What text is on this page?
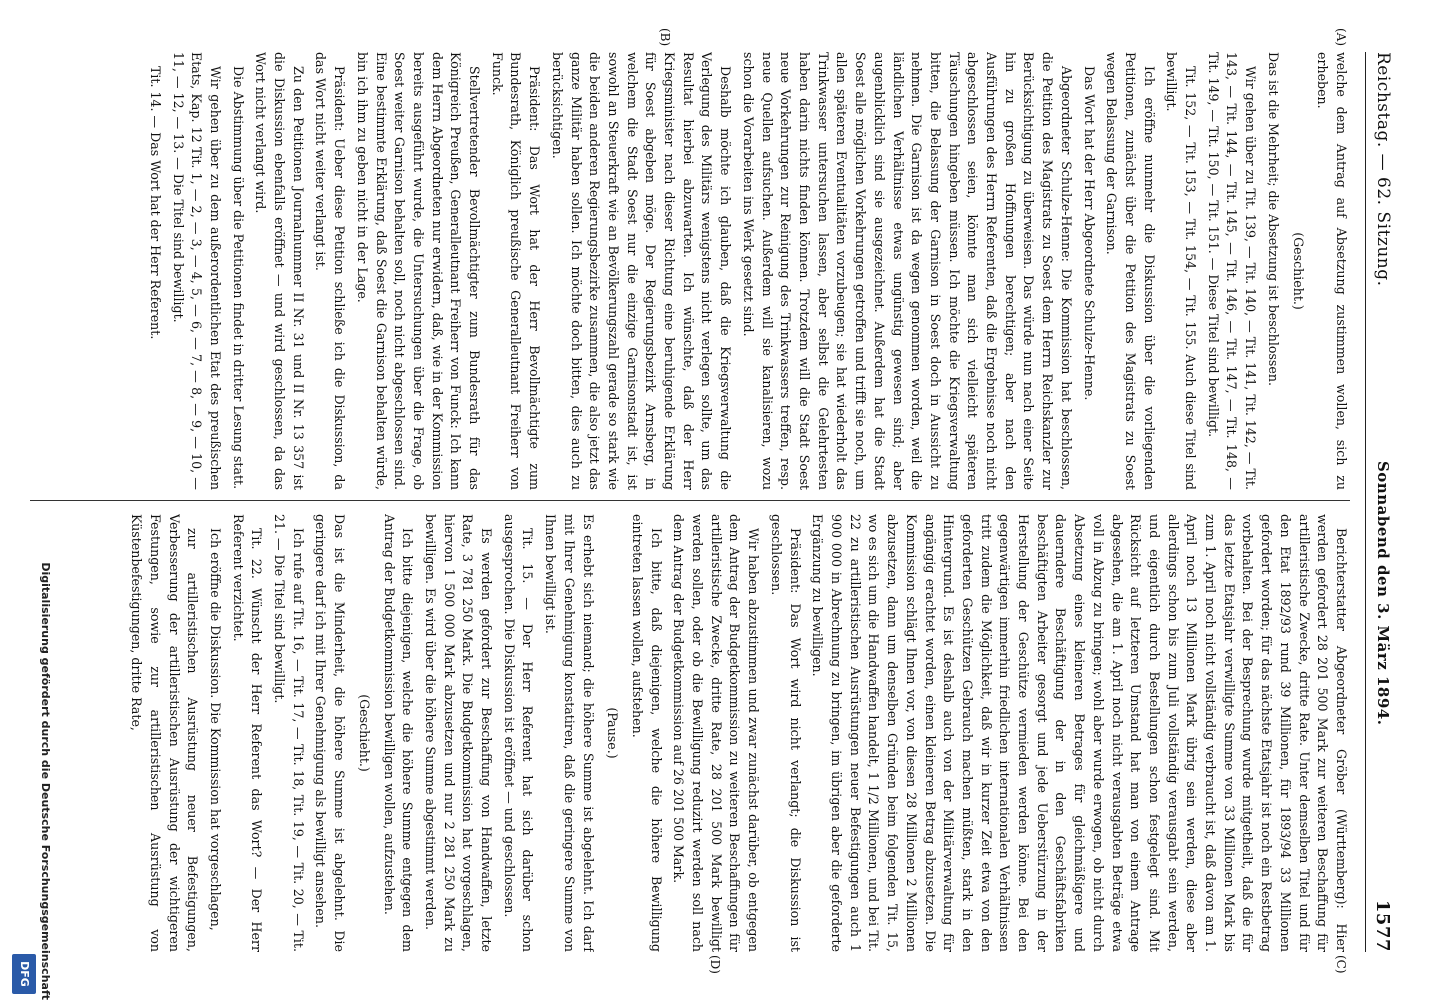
Reichstag. — 62. Sitzung.
Sonnabend den 3. März 1894.
1577
(A)
(B)
(C)
(D)

welche dem Antrag auf Absetzung zustimmen wollen, sich zu erheben.

(Geschieht.)

Das ist die Mehrheit; die Absetzung ist beschlossen.

Wir gehen über zu Tit. 139, — Tit. 140, — Tit. 141, Tit. 142, — Tit. 143, — Tit. 144, — Tit. 145, — Tit. 146, — Tit. 147, — Tit. 148, — Tit. 149, — Tit. 150, — Tit. 151. — Diese Titel sind bewilligt.

Tit. 152, — Tit. 153, — Tit. 154, — Tit. 155. Auch diese Titel sind bewilligt.

Ich eröffne nunmehr die Diskussion über die vorliegenden Petitionen, zunächst über die Petition des Magistrats zu Soest wegen Belassung der Garnison.

Das Wort hat der Herr Abgeordnete Schulze-Henne.

Abgeordneter Schulze-Henne: Die Kommission hat beschlossen, die Petition des Magistrats zu Soest dem Herrn Reichskanzler zur Berücksichtigung zu überweisen. Das würde nun nach einer Seite hin zu großen Hoffnungen berechtigen; aber nach den Ausführungen des Herrn Referenten, daß die Ergebnisse noch nicht abgeschlossen seien, könnte man sich vielleicht späteren Täuschungen hingeben müssen. Ich möchte die Kriegsverwaltung bitten, die Belassung der Garnison in Soest doch in Aussicht zu nehmen. Die Garnison ist da wegen genommen worden, weil die ländlichen Verhältnisse etwas ungünstig gewesen sind; aber augenblicklich sind sie ausgezeichnet. Außerdem hat die Stadt Soest alle möglichen Vorkehrungen getroffen und trifft sie noch, um allen späteren Eventualitäten vorzubeugen; sie hat wiederholt das Trinkwasser untersuchen lassen, aber selbst die Gelehrtesten haben darin nichts finden können. Trotzdem will die Stadt Soest neue Vorkehrungen zur Reinigung des Trinkwassers treffen, resp. neue Quellen aufsuchen. Außerdem will sie kanalisieren, wozu schon die Vorarbeiten ins Werk gesetzt sind.

Deshalb möchte ich glauben, daß die Kriegsverwaltung die Verlegung des Militärs wenigstens nicht verlegen sollte, um das Resultat hierbei abzuwarten. Ich wünschte, daß der Herr Kriegsminister nach dieser Richtung eine beruhigende Erklärung für Soest abgeben möge. Der Regierungsbezirk Arnsberg, in welchem die Stadt Soest nur die einzige Garnisonstadt ist, ist sowohl an Steuerkraft wie an Bevölkerungszahl gerade so stark wie die beiden anderen Regierungsbezirke zusammen, die also jetzt das ganze Militär haben sollen. Ich möchte doch bitten, dies auch zu berücksichtigen.

Präsident: Das Wort hat der Herr Bevollmächtigte zum Bundesrath, Königlich preußische Generalleutnant Freiherr von Funck.

Stellvertretender Bevollmächtigter zum Bundesrath für das Königreich Preußen, Generalleutnant Freiherr von Funck: Ich kann dem Herrn Abgeordneten nur erwidern, daß, wie in der Kommission bereits ausgeführt wurde, die Untersuchungen über die Frage, ob Soest weiter Garnison behalten soll, noch nicht abgeschlossen sind. Eine bestimmte Erklärung, daß Soest die Garnison behalten würde, bin ich ihm zu geben nicht in der Lage.

Präsident: Ueber diese Petition schließe ich die Diskussion, da das Wort nicht weiter verlangt ist.

Zu den Petitionen Journalnummer II Nr. 31 und II Nr. 13 357 ist die Diskussion ebenfalls eröffnet — und wird geschlossen, da das Wort nicht verlangt wird.

Die Abstimmung über die Petitionen findet in dritter Lesung statt.

Wir gehen über zu dem außerordentlichen Etat des preußischen Etats, Kap. 12 Tit. 1, — 2, — 3, — 4, 5, — 6, — 7, — 8, — 9, — 10, — 11, — 12, — 13. — Die Titel sind bewilligt.

Tit. 14. — Das Wort hat der Herr Referent.

Berichterstatter Abgeordneter Gröber (Württemberg): Hier werden gefordert 28 201 500 Mark zur weiteren Beschaffung für artilleristische Zwecke, dritte Rate. Unter demselben Titel und für den Etat 1892/93 rund 39 Millionen, für 1893/94 33 Millionen gefordert worden; für das nächste Etatsjahr ist noch ein Restbetrag vorbehalten. Bei der Besprechung wurde mitgetheilt, daß die für das letzte Etatsjahr verwilligte Summe von 33 Millionen Mark bis zum 1. April noch nicht vollständig verbraucht ist, daß davon am 1. April noch 13 Millionen Mark übrig sein werden, diese aber allerdings schon bis zum Juli vollständig verausgabt sein werden, und eigentlich durch Bestellungen schon festgelegt sind. Mit Rücksicht auf letzteren Umstand hat man von einem Antrage abgesehen, die am 1. April noch nicht verausgabten Beträge etwa voll in Abzug zu bringen; wohl aber wurde erwogen, ob nicht durch Absetzung eines kleineren Betrages für gleichmäßigere und dauerndere Beschäftigung der in den Geschäftsfabriken beschäftigten Arbeiter gesorgt und jede Ueberstürzung in der Herstellung der Geschütze vermieden werden könne. Bei den gegenwärtigen immerhin friedlichen internationalen Verhältnissen tritt zudem die Möglichkeit, daß wir in kurzer Zeit etwa von den geforderten Geschützen Gebrauch machen müßten, stark in den Hintergrund. Es ist deshalb auch von der Militärverwaltung für angängig erachtet worden, einen kleineren Betrag abzusetzen. Die Kommission schlägt Ihnen vor, von diesen 28 Millionen 2 Millionen abzusetzen, dann um denselben Gründen beim folgenden Tit. 15, wo es sich um die Handwaffen handelt, 1 1/2 Millionen, und bei Tit. 22 zu artilleristischen Ausrüstungen neuer Befestigungen auch 1 900 000 in Abrechnung zu bringen, im übrigen aber die geforderte Ergänzung zu bewilligen.

Präsident: Das Wort wird nicht verlangt; die Diskussion ist geschlossen.

Wir haben abzustimmen und zwar zunächst darüber, ob entgegen dem Antrag der Budgetkommission zu weiteren Beschaffungen für artilleristische Zwecke, dritte Rate, 28 201 500 Mark bewilligt werden sollen, oder ob die Bewilligung reduzirt werden soll nach dem Antrag der Budgetkommission auf 26 201 500 Mark.

Ich bitte, daß diejenigen, welche die höhere Bewilligung eintreten lassen wollen, aufstehen.

(Pause.)

Es erhebt sich niemand; die höhere Summe ist abgelehnt. Ich darf mit Ihrer Genehmigung konstatiren, daß die geringere Summe von Ihnen bewilligt ist.

Tit. 15. — Der Herr Referent hat sich darüber schon ausgesprochen. Die Diskussion ist eröffnet — und geschlossen.

Es werden gefordert zur Beschaffung von Handwaffen, letzte Rate, 3 781 250 Mark. Die Budgetkommission hat vorgeschlagen, hiervon 1 500 000 Mark abzusetzen und nur 2 281 250 Mark zu bewilligen. Es wird über die höhere Summe abgestimmt werden.

Ich bitte diejenigen, welche die höhere Summe entgegen dem Antrag der Budgetkommission bewilligen wollen, aufzustehen.

(Geschieht.)

Das ist die Minderheit, die höhere Summe ist abgelehnt. Die geringere darf ich mit Ihrer Genehmigung als bewilligt ansehen.

Ich rufe auf Tit. 16, — Tit. 17, — Tit. 18, Tit. 19, — Tit. 20, — Tit. 21. — Die Titel sind bewilligt.

Tit. 22. Wünscht der Herr Referent das Wort? — Der Herr Referent verzichtet.

Ich eröffne die Diskussion. Die Kommission hat vorgeschlagen,

zur artilleristischen Ausrüstung neuer Befestigungen, Verbesserung der artilleristischen Ausrüstung der wichtigeren Festungen, sowie zur artilleristischen Ausrüstung von Küstenbefestigungen, dritte Rate,

Digitalisierung gefördert durch die Deutsche Forschungsgemeinschaft
DFG
